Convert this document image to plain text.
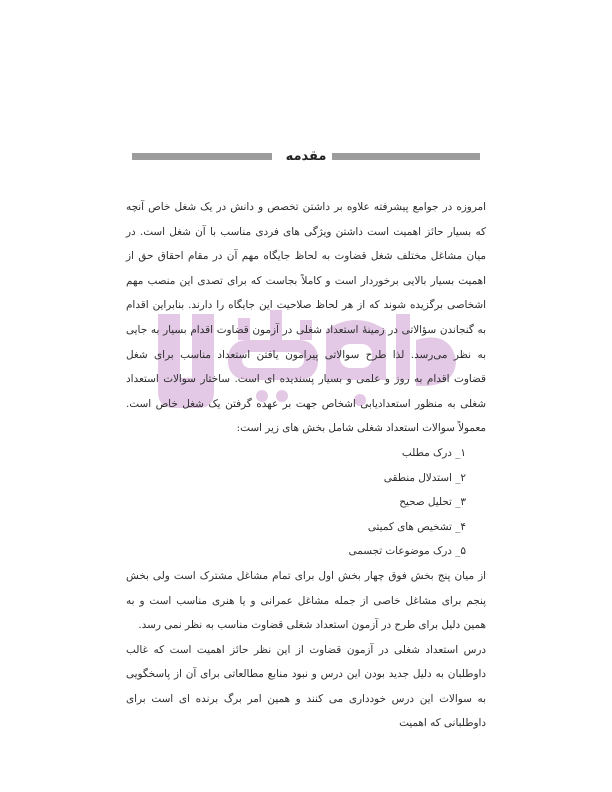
مقدمه

امروزه در جوامع پیشرفته علاوه بر داشتن تخصص و دانش در یک شغل خاص آنچه که بسیار حائز اهمیت است داشتن ویژگی های فردی مناسب با آن شغل است. در میان مشاغل مختلف شغل قضاوت به لحاظ جایگاه مهم آن در مقام احقاق حق از اهمیت بسیار بالایی برخوردار است و کاملاً بجاست که برای تصدی این منصب مهم اشخاصی برگزیده شوند که از هر لحاظ صلاحیت این جایگاه را دارند. بنابراین اقدام به گنجاندن سؤالاتی در زمینهٔ استعداد شغلی در آزمون قضاوت اقدام بسیار به جایی به نظر می‌رسد. لذا طرح سوالاتی پیرامون یافتن استعداد مناسب برای شغل قضاوت اقدام به روز و علمی و بسیار پسندیده ای است. ساختار سوالات استعداد شغلی به منظور استعدادیابی اشخاص جهت بر عهده گرفتن یک شغل خاص است. معمولاً سوالات استعداد شغلی شامل بخش های زیر است:

۱_ درک مطلب
۲_ استدلال منطقی
۳_ تحلیل صحیح
۴_ تشخیص های کمیتی
۵_ درک موضوعات تجسمی

از میان پنج بخش فوق چهار بخش اول برای تمام مشاغل مشترک است ولی بخش پنجم برای مشاغل خاصی از جمله مشاغل عمرانی و یا هنری مناسب است و به همین دلیل برای طرح در آزمون استعداد شغلی قضاوت مناسب به نظر نمی رسد.

درس استعداد شغلی در آزمون قضاوت از این نظر حائز اهمیت است که غالب داوطلبان به دلیل جدید بودن این درس و نبود منابع مطالعاتی برای آن از پاسخگویی به سوالات این درس خودداری می کنند و همین امر برگ برنده ای است برای داوطلبانی که اهمیت
